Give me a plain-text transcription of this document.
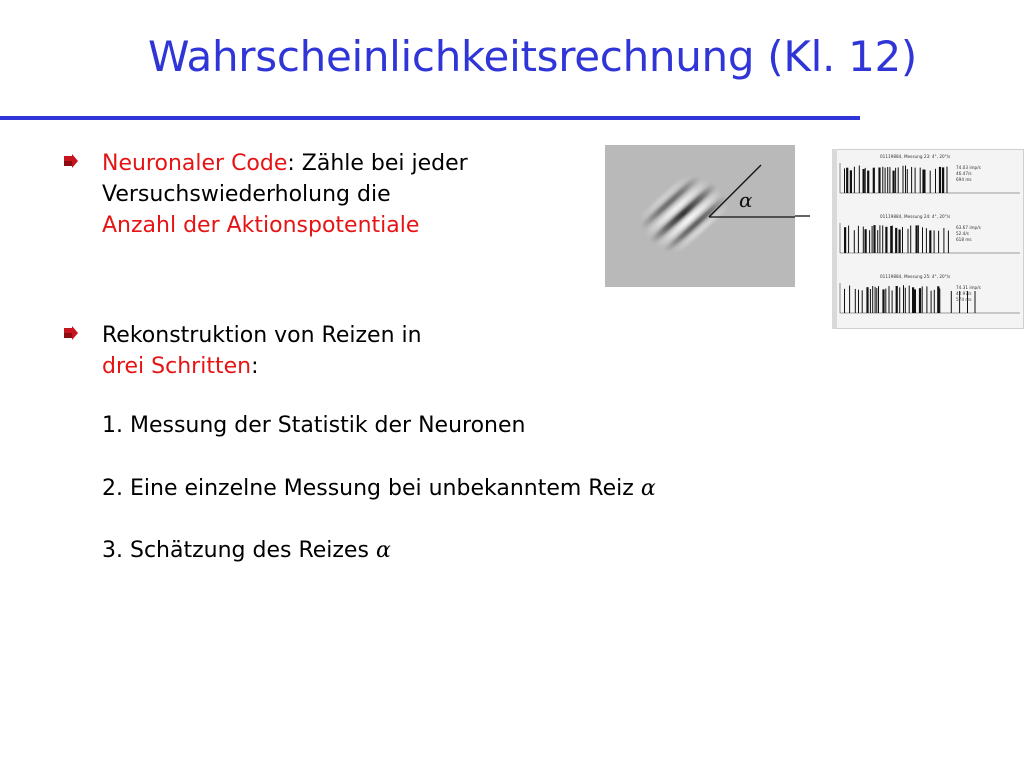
Wahrscheinlichkeitsrechnung (Kl. 12)
Neuronaler Code: Zähle bei jeder
Versuchswiederholung die
Anzahl der Aktionspotentiale
Rekonstruktion von Reizen in
drei Schritten:
1. Messung der Statistik der Neuronen
2. Eine einzelne Messung bei unbekanntem Reiz α
3. Schätzung des Reizes α
α
01119884, Messung 23: 4°, 20°/s
74.03 imp/s
46.47/s
694 ms
01119884, Messung 24: 4°, 20°/s
63.67 imp/s
52.4/s
618 ms
01119884, Messung 25: 4°, 20°/s
74.31 imp/s
42.97/s
574 ms
